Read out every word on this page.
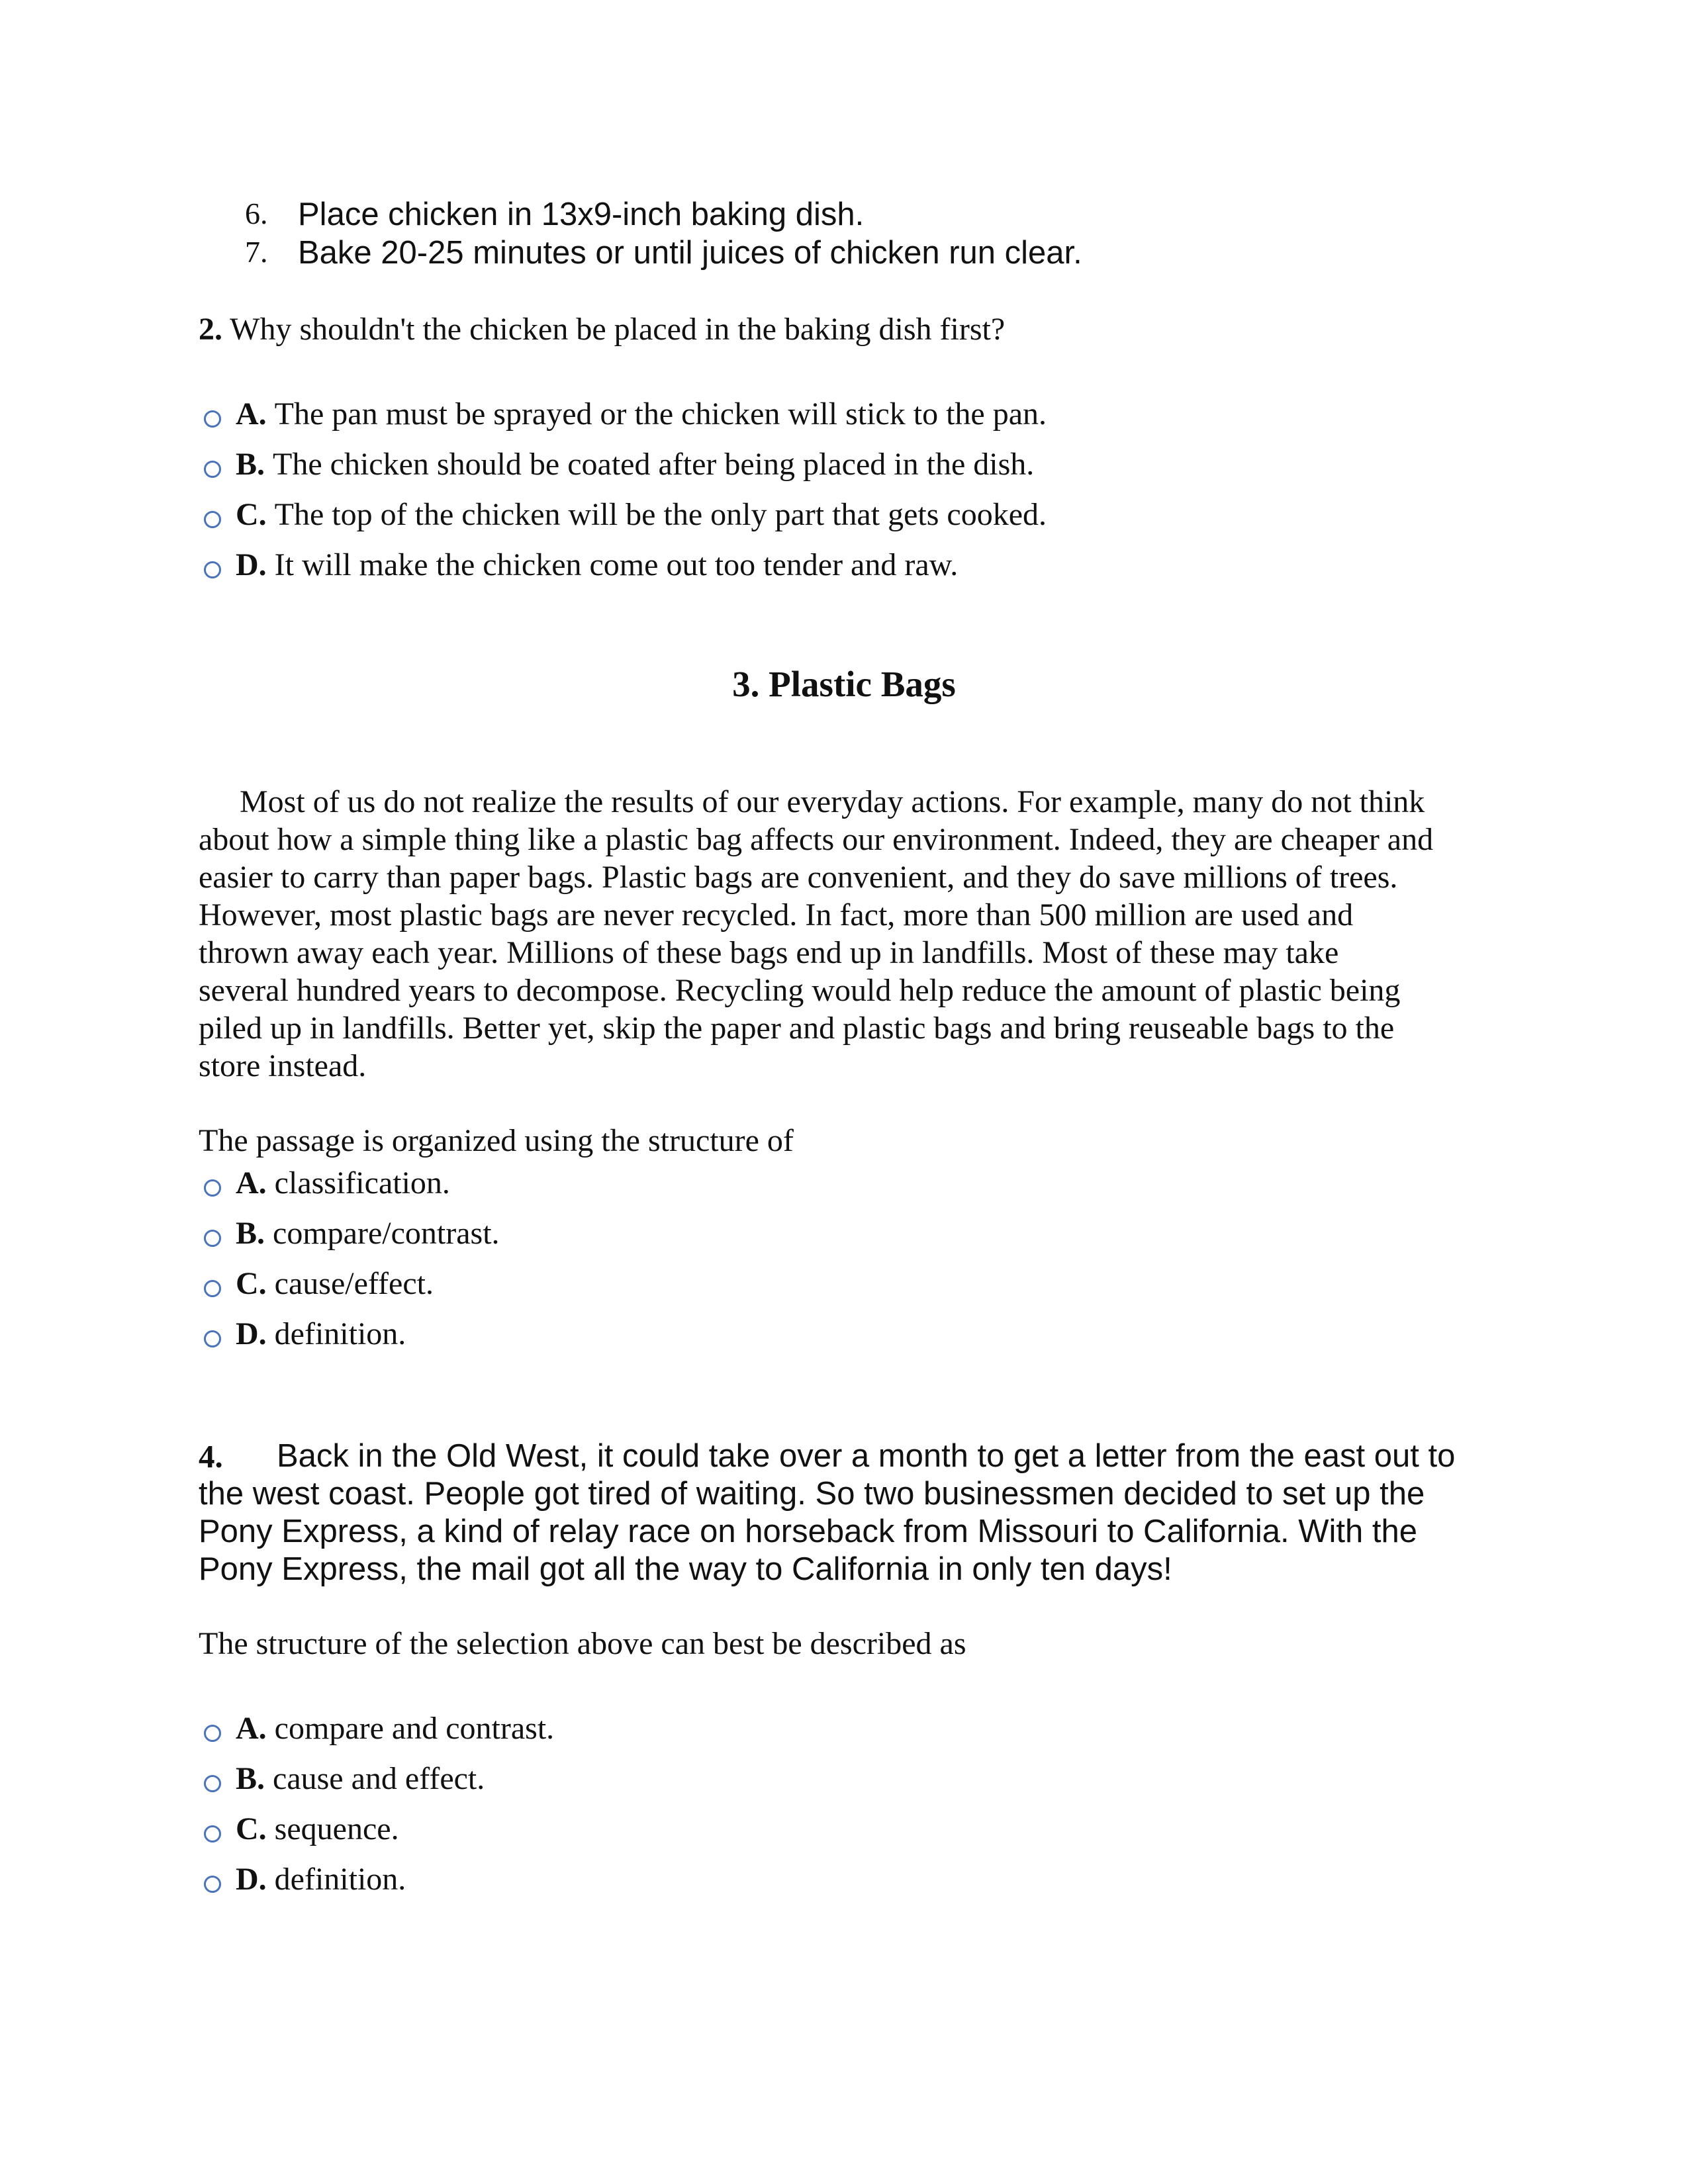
6. Place chicken in 13x9-inch baking dish.
7. Bake 20-25 minutes or until juices of chicken run clear.
2. Why shouldn't the chicken be placed in the baking dish first?
A. The pan must be sprayed or the chicken will stick to the pan.
B. The chicken should be coated after being placed in the dish.
C. The top of the chicken will be the only part that gets cooked.
D. It will make the chicken come out too tender and raw.
3. Plastic Bags
Most of us do not realize the results of our everyday actions. For example, many do not think
about how a simple thing like a plastic bag affects our environment. Indeed, they are cheaper and
easier to carry than paper bags. Plastic bags are convenient, and they do save millions of trees.
However, most plastic bags are never recycled. In fact, more than 500 million are used and
thrown away each year. Millions of these bags end up in landfills. Most of these may take
several hundred years to decompose. Recycling would help reduce the amount of plastic being
piled up in landfills. Better yet, skip the paper and plastic bags and bring reuseable bags to the
store instead.
The passage is organized using the structure of
A. classification.
B. compare/contrast.
C. cause/effect.
D. definition.
4.	Back in the Old West, it could take over a month to get a letter from the east out to
the west coast. People got tired of waiting. So two businessmen decided to set up the
Pony Express, a kind of relay race on horseback from Missouri to California. With the
Pony Express, the mail got all the way to California in only ten days!
The structure of the selection above can best be described as
A. compare and contrast.
B. cause and effect.
C. sequence.
D. definition.
